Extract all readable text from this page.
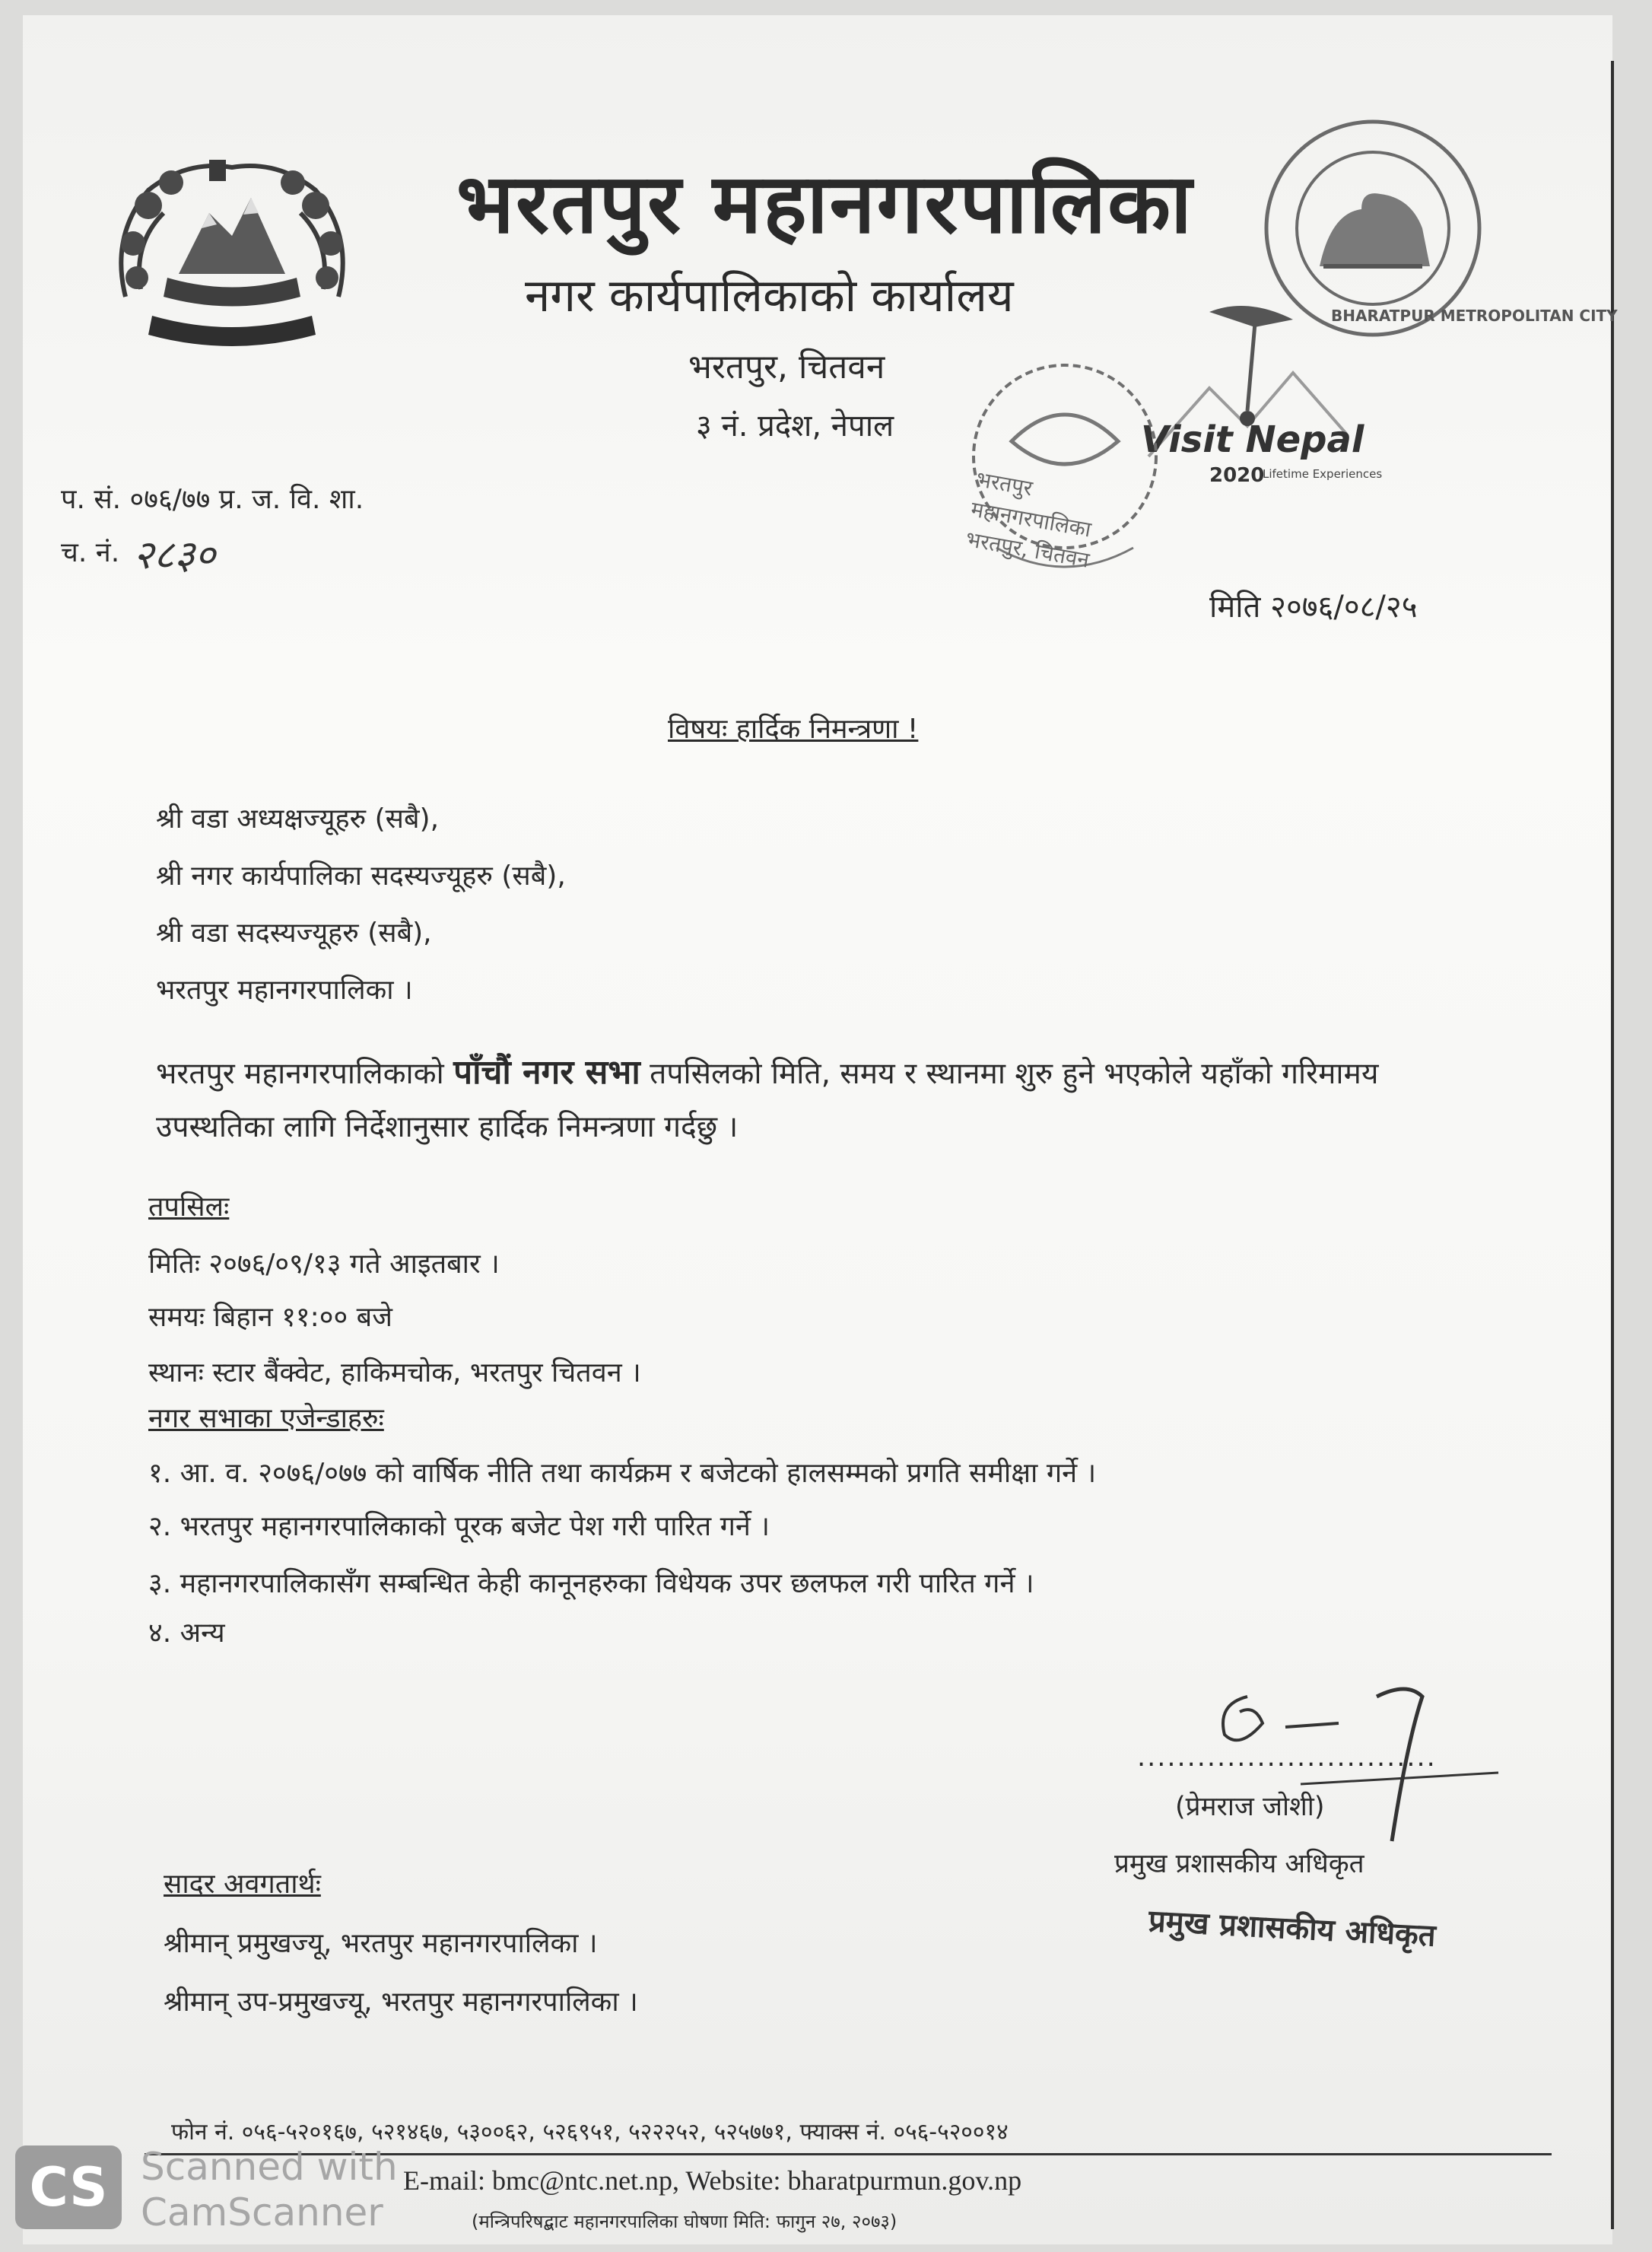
भरतपुर महानगरपालिका
नगर कार्यपालिकाको कार्यालय
भरतपुर, चितवन
३ नं. प्रदेश, नेपाल
BHARATPUR METROPOLITAN CITY
Visit Nepal
2020
Lifetime Experiences
भरतपुर महानगरपालिका भरतपुर, चितवन
प. सं. ०७६/७७ प्र. ज. वि. शा.
च. नं. २८३०
मिति २०७६/०८/२५
विषयः हार्दिक निमन्त्रणा !
श्री वडा अध्यक्षज्यूहरु (सबै),
श्री नगर कार्यपालिका सदस्यज्यूहरु (सबै),
श्री वडा सदस्यज्यूहरु (सबै),
भरतपुर महानगरपालिका ।
भरतपुर महानगरपालिकाको पाँचौं नगर सभा तपसिलको मिति, समय र स्थानमा शुरु हुने भएकोले यहाँको गरिमामय उपस्थतिका लागि निर्देशानुसार हार्दिक निमन्त्रणा गर्दछु ।
तपसिलः
मितिः २०७६/०९/१३ गते आइतबार ।
समयः बिहान ११:०० बजे
स्थानः स्टार बैंक्वेट, हाकिमचोक, भरतपुर चितवन ।
नगर सभाका एजेन्डाहरुः
१. आ. व. २०७६/०७७ को वार्षिक नीति तथा कार्यक्रम र बजेटको हालसम्मको प्रगति समीक्षा गर्ने ।
२. भरतपुर महानगरपालिकाको पूरक बजेट पेश गरी पारित गर्ने ।
३. महानगरपालिकासँग सम्बन्धित केही कानूनहरुका विधेयक उपर छलफल गरी पारित गर्ने ।
४. अन्य
..............................
(प्रेमराज जोशी)
प्रमुख प्रशासकीय अधिकृत
प्रमुख प्रशासकीय अधिकृत
सादर अवगतार्थः
श्रीमान् प्रमुखज्यू, भरतपुर महानगरपालिका ।
श्रीमान् उप-प्रमुखज्यू, भरतपुर महानगरपालिका ।
फोन नं. ०५६-५२०१६७, ५२१४६७, ५३००६२, ५२६९५१, ५२२२५२, ५२५७७१, फ्याक्स नं. ०५६-५२००१४
E-mail: bmc@ntc.net.np, Website: bharatpurmun.gov.np
(मन्त्रिपरिषद्बाट महानगरपालिका घोषणा मिति: फागुन २७, २०७३)
CS Scanned with
CamScanner
